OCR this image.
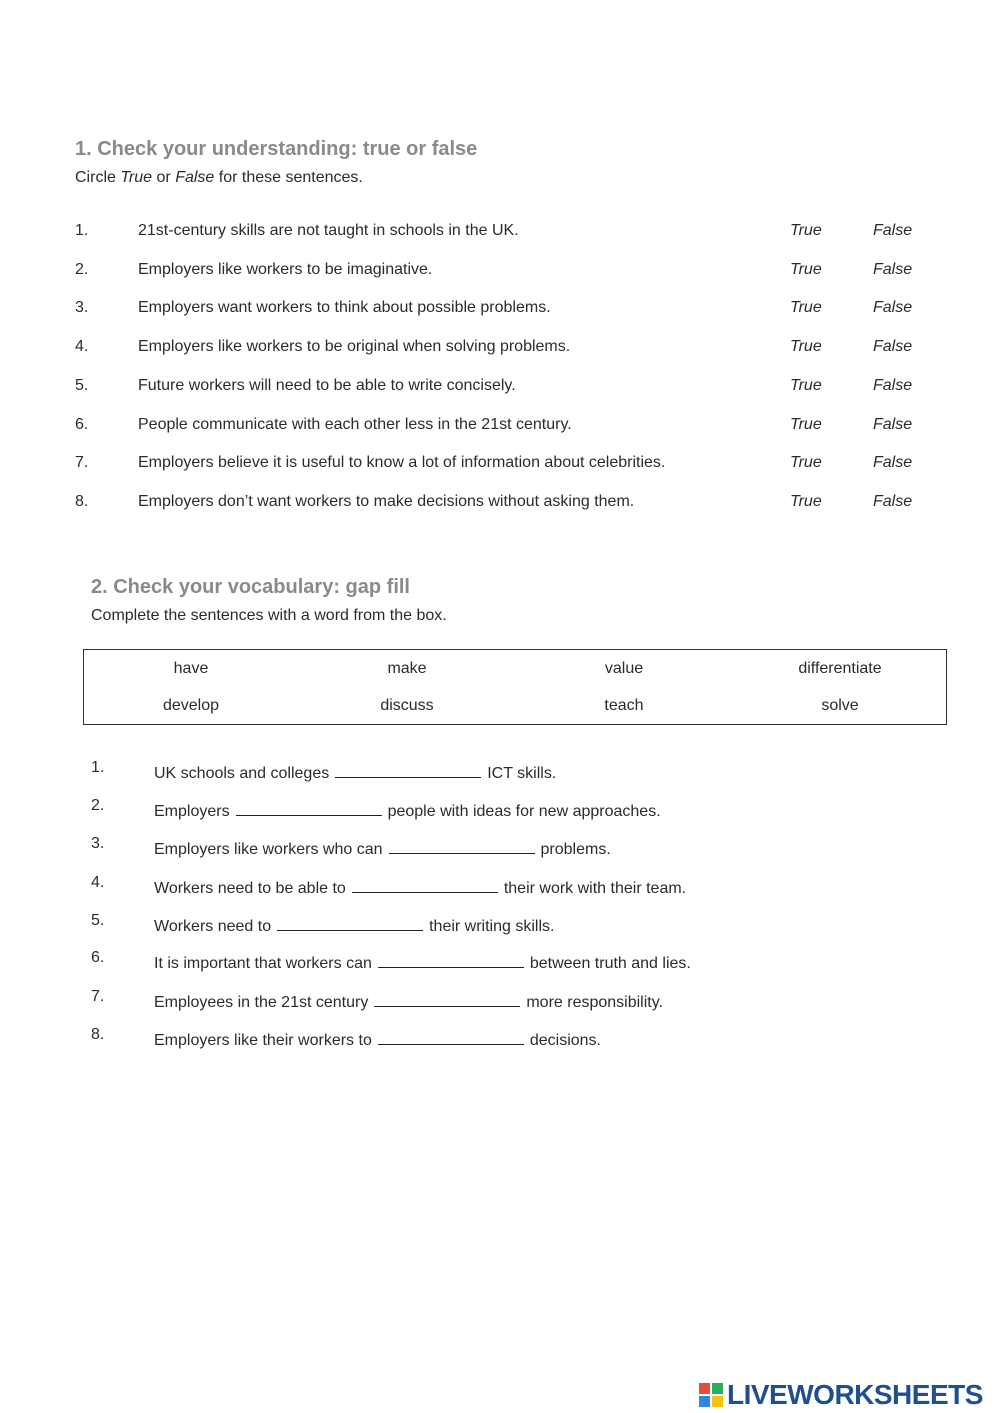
1. Check your understanding: true or false
Circle True or False for these sentences.
1.	21st-century skills are not taught in schools in the UK.	True	False
2.	Employers like workers to be imaginative.	True	False
3.	Employers want workers to think about possible problems.	True	False
4.	Employers like workers to be original when solving problems.	True	False
5.	Future workers will need to be able to write concisely.	True	False
6.	People communicate with each other less in the 21st century.	True	False
7.	Employers believe it is useful to know a lot of information about celebrities.	True	False
8.	Employers don’t want workers to make decisions without asking them.	True	False
2. Check your vocabulary: gap fill
Complete the sentences with a word from the box.
have	make	value	differentiate
develop	discuss	teach	solve
1.	UK schools and colleges	ICT skills.
2.	Employers	people with ideas for new approaches.
3.	Employers like workers who can	problems.
4.	Workers need to be able to	their work with their team.
5.	Workers need to	their writing skills.
6.	It is important that workers can	between truth and lies.
7.	Employees in the 21st century	more responsibility.
8.	Employers like their workers to	decisions.
LIVEWORKSHEETS
